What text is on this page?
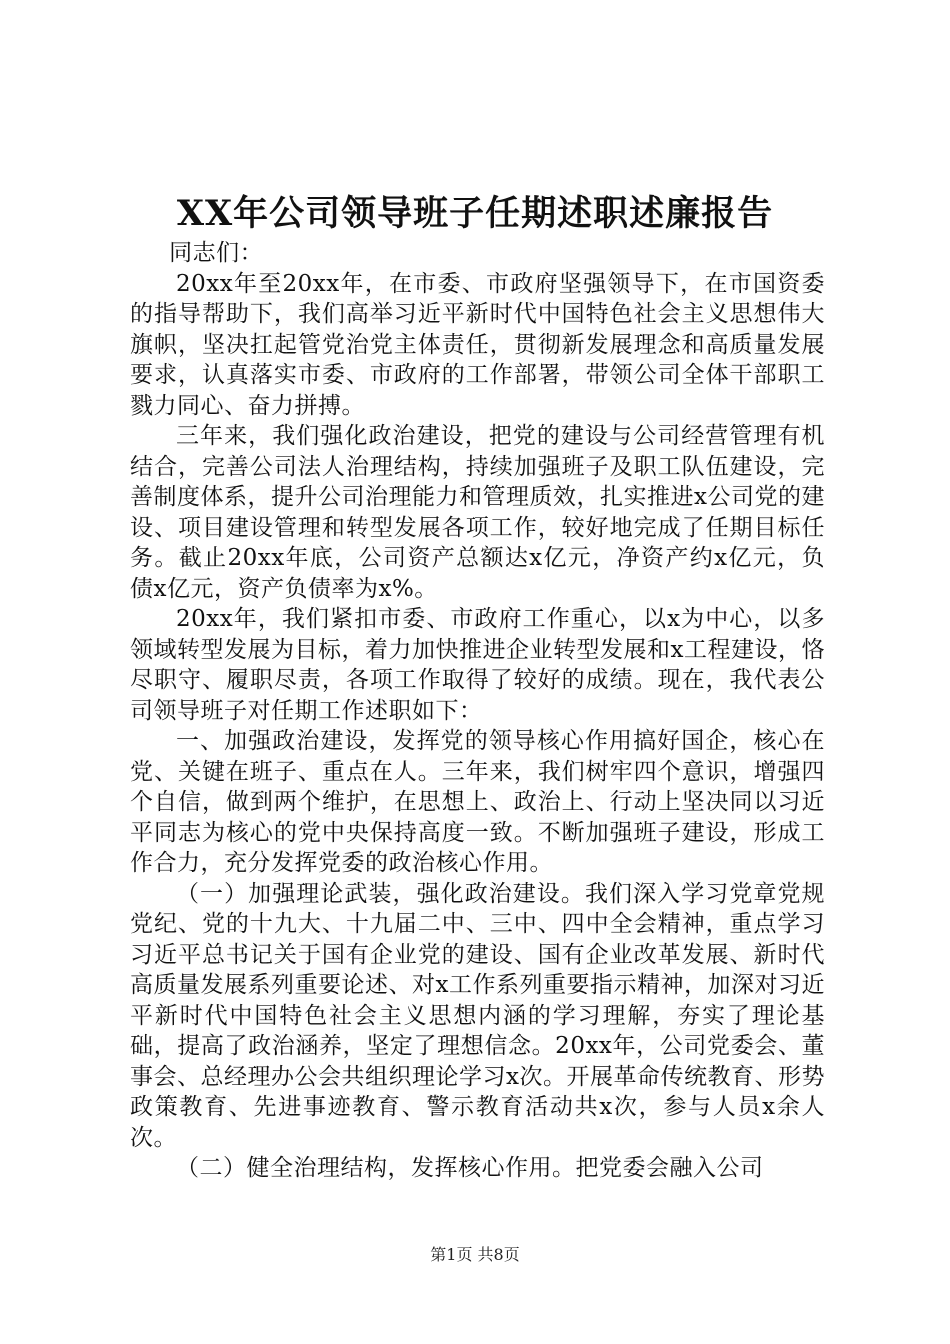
XX年公司领导班子任期述职述廉报告

同志们：

20xx年至20xx年，在市委、市政府坚强领导下，在市国资委的指导帮助下，我们高举习近平新时代中国特色社会主义思想伟大旗帜，坚决扛起管党治党主体责任，贯彻新发展理念和高质量发展要求，认真落实市委、市政府的工作部署，带领公司全体干部职工戮力同心、奋力拼搏。

三年来，我们强化政治建设，把党的建设与公司经营管理有机结合，完善公司法人治理结构，持续加强班子及职工队伍建设，完善制度体系，提升公司治理能力和管理质效，扎实推进x公司党的建设、项目建设管理和转型发展各项工作，较好地完成了任期目标任务。截止20xx年底，公司资产总额达x亿元，净资产约x亿元，负债x亿元，资产负债率为x%。

20xx年，我们紧扣市委、市政府工作重心，以x为中心，以多领域转型发展为目标，着力加快推进企业转型发展和x工程建设，恪尽职守、履职尽责，各项工作取得了较好的成绩。现在，我代表公司领导班子对任期工作述职如下：

一、加强政治建设，发挥党的领导核心作用搞好国企，核心在党、关键在班子、重点在人。三年来，我们树牢四个意识，增强四个自信，做到两个维护，在思想上、政治上、行动上坚决同以习近平同志为核心的党中央保持高度一致。不断加强班子建设，形成工作合力，充分发挥党委的政治核心作用。

（一）加强理论武装，强化政治建设。我们深入学习党章党规党纪、党的十九大、十九届二中、三中、四中全会精神，重点学习习近平总书记关于国有企业党的建设、国有企业改革发展、新时代高质量发展系列重要论述、对x工作系列重要指示精神，加深对习近平新时代中国特色社会主义思想内涵的学习理解，夯实了理论基础，提高了政治涵养，坚定了理想信念。20xx年，公司党委会、董事会、总经理办公会共组织理论学习x次。开展革命传统教育、形势政策教育、先进事迹教育、警示教育活动共x次，参与人员x余人次。

（二）健全治理结构，发挥核心作用。把党委会融入公司

第1页 共8页
